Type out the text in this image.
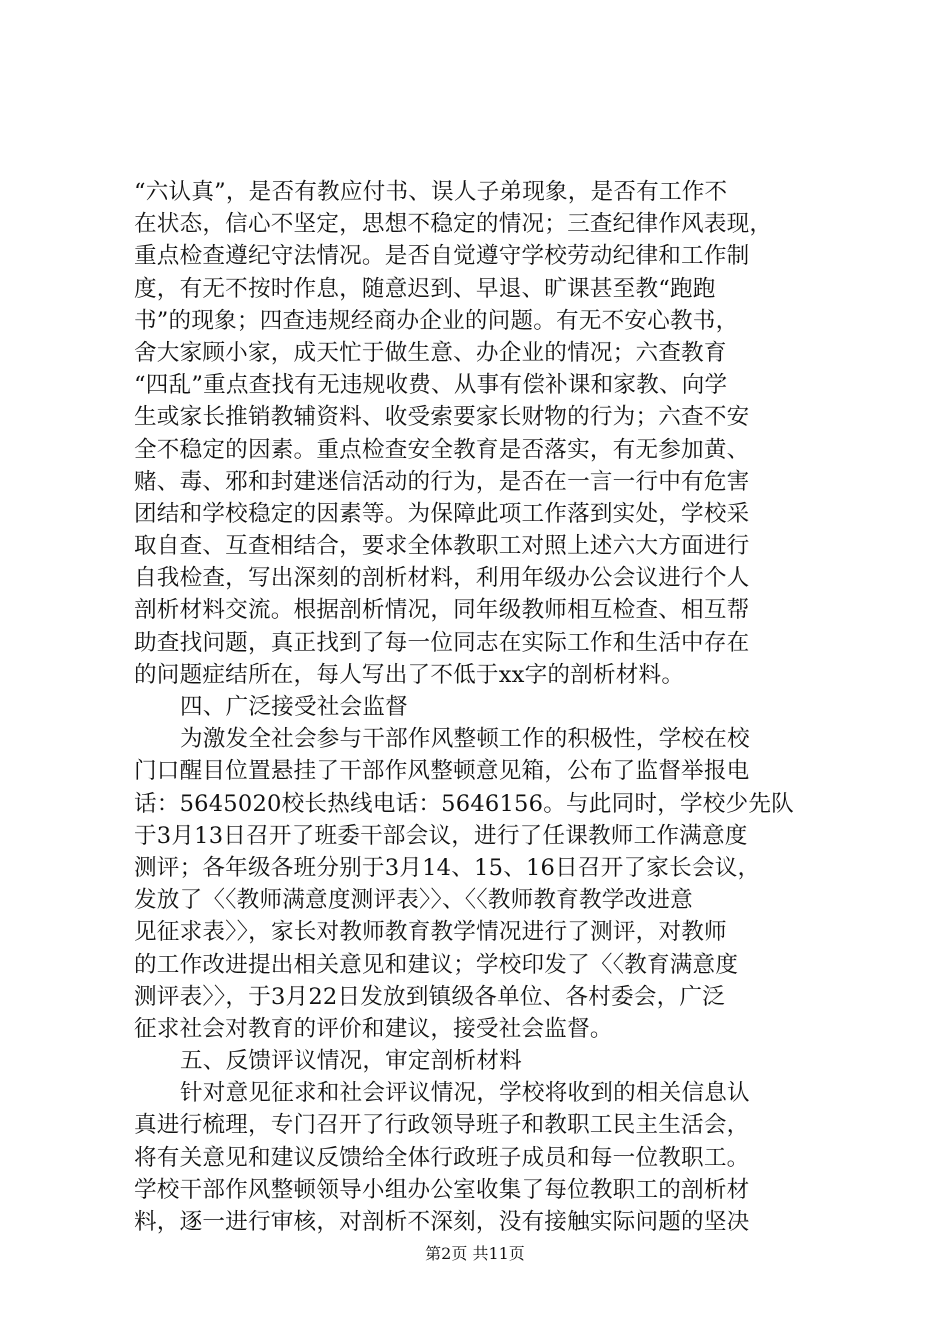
“六认真”，是否有教应付书、误人子弟现象，是否有工作不
在状态，信心不坚定，思想不稳定的情况；三查纪律作风表现，
重点检查遵纪守法情况。是否自觉遵守学校劳动纪律和工作制
度，有无不按时作息，随意迟到、早退、旷课甚至教“跑跑
书”的现象；四查违规经商办企业的问题。有无不安心教书，
舍大家顾小家，成天忙于做生意、办企业的情况；六查教育
“四乱”重点查找有无违规收费、从事有偿补课和家教、向学
生或家长推销教辅资料、收受索要家长财物的行为；六查不安
全不稳定的因素。重点检查安全教育是否落实，有无参加黄、
赌、毒、邪和封建迷信活动的行为，是否在一言一行中有危害
团结和学校稳定的因素等。为保障此项工作落到实处，学校采
取自查、互查相结合，要求全体教职工对照上述六大方面进行
自我检查，写出深刻的剖析材料，利用年级办公会议进行个人
剖析材料交流。根据剖析情况，同年级教师相互检查、相互帮
助查找问题，真正找到了每一位同志在实际工作和生活中存在
的问题症结所在，每人写出了不低于xx字的剖析材料。
四、广泛接受社会监督
为激发全社会参与干部作风整顿工作的积极性，学校在校
门口醒目位置悬挂了干部作风整顿意见箱，公布了监督举报电
话：5645020校长热线电话：5646156。与此同时，学校少先队
于3月13日召开了班委干部会议，进行了任课教师工作满意度
测评；各年级各班分别于3月14、15、16日召开了家长会议，
发放了〈〈教师满意度测评表〉〉、〈〈教师教育教学改进意
见征求表〉〉，家长对教师教育教学情况进行了测评，对教师
的工作改进提出相关意见和建议；学校印发了〈〈教育满意度
测评表〉〉，于3月22日发放到镇级各单位、各村委会，广泛
征求社会对教育的评价和建议，接受社会监督。
五、反馈评议情况，审定剖析材料
针对意见征求和社会评议情况，学校将收到的相关信息认
真进行梳理，专门召开了行政领导班子和教职工民主生活会，
将有关意见和建议反馈给全体行政班子成员和每一位教职工。
学校干部作风整顿领导小组办公室收集了每位教职工的剖析材
料，逐一进行审核，对剖析不深刻，没有接触实际问题的坚决
第2页 共11页
